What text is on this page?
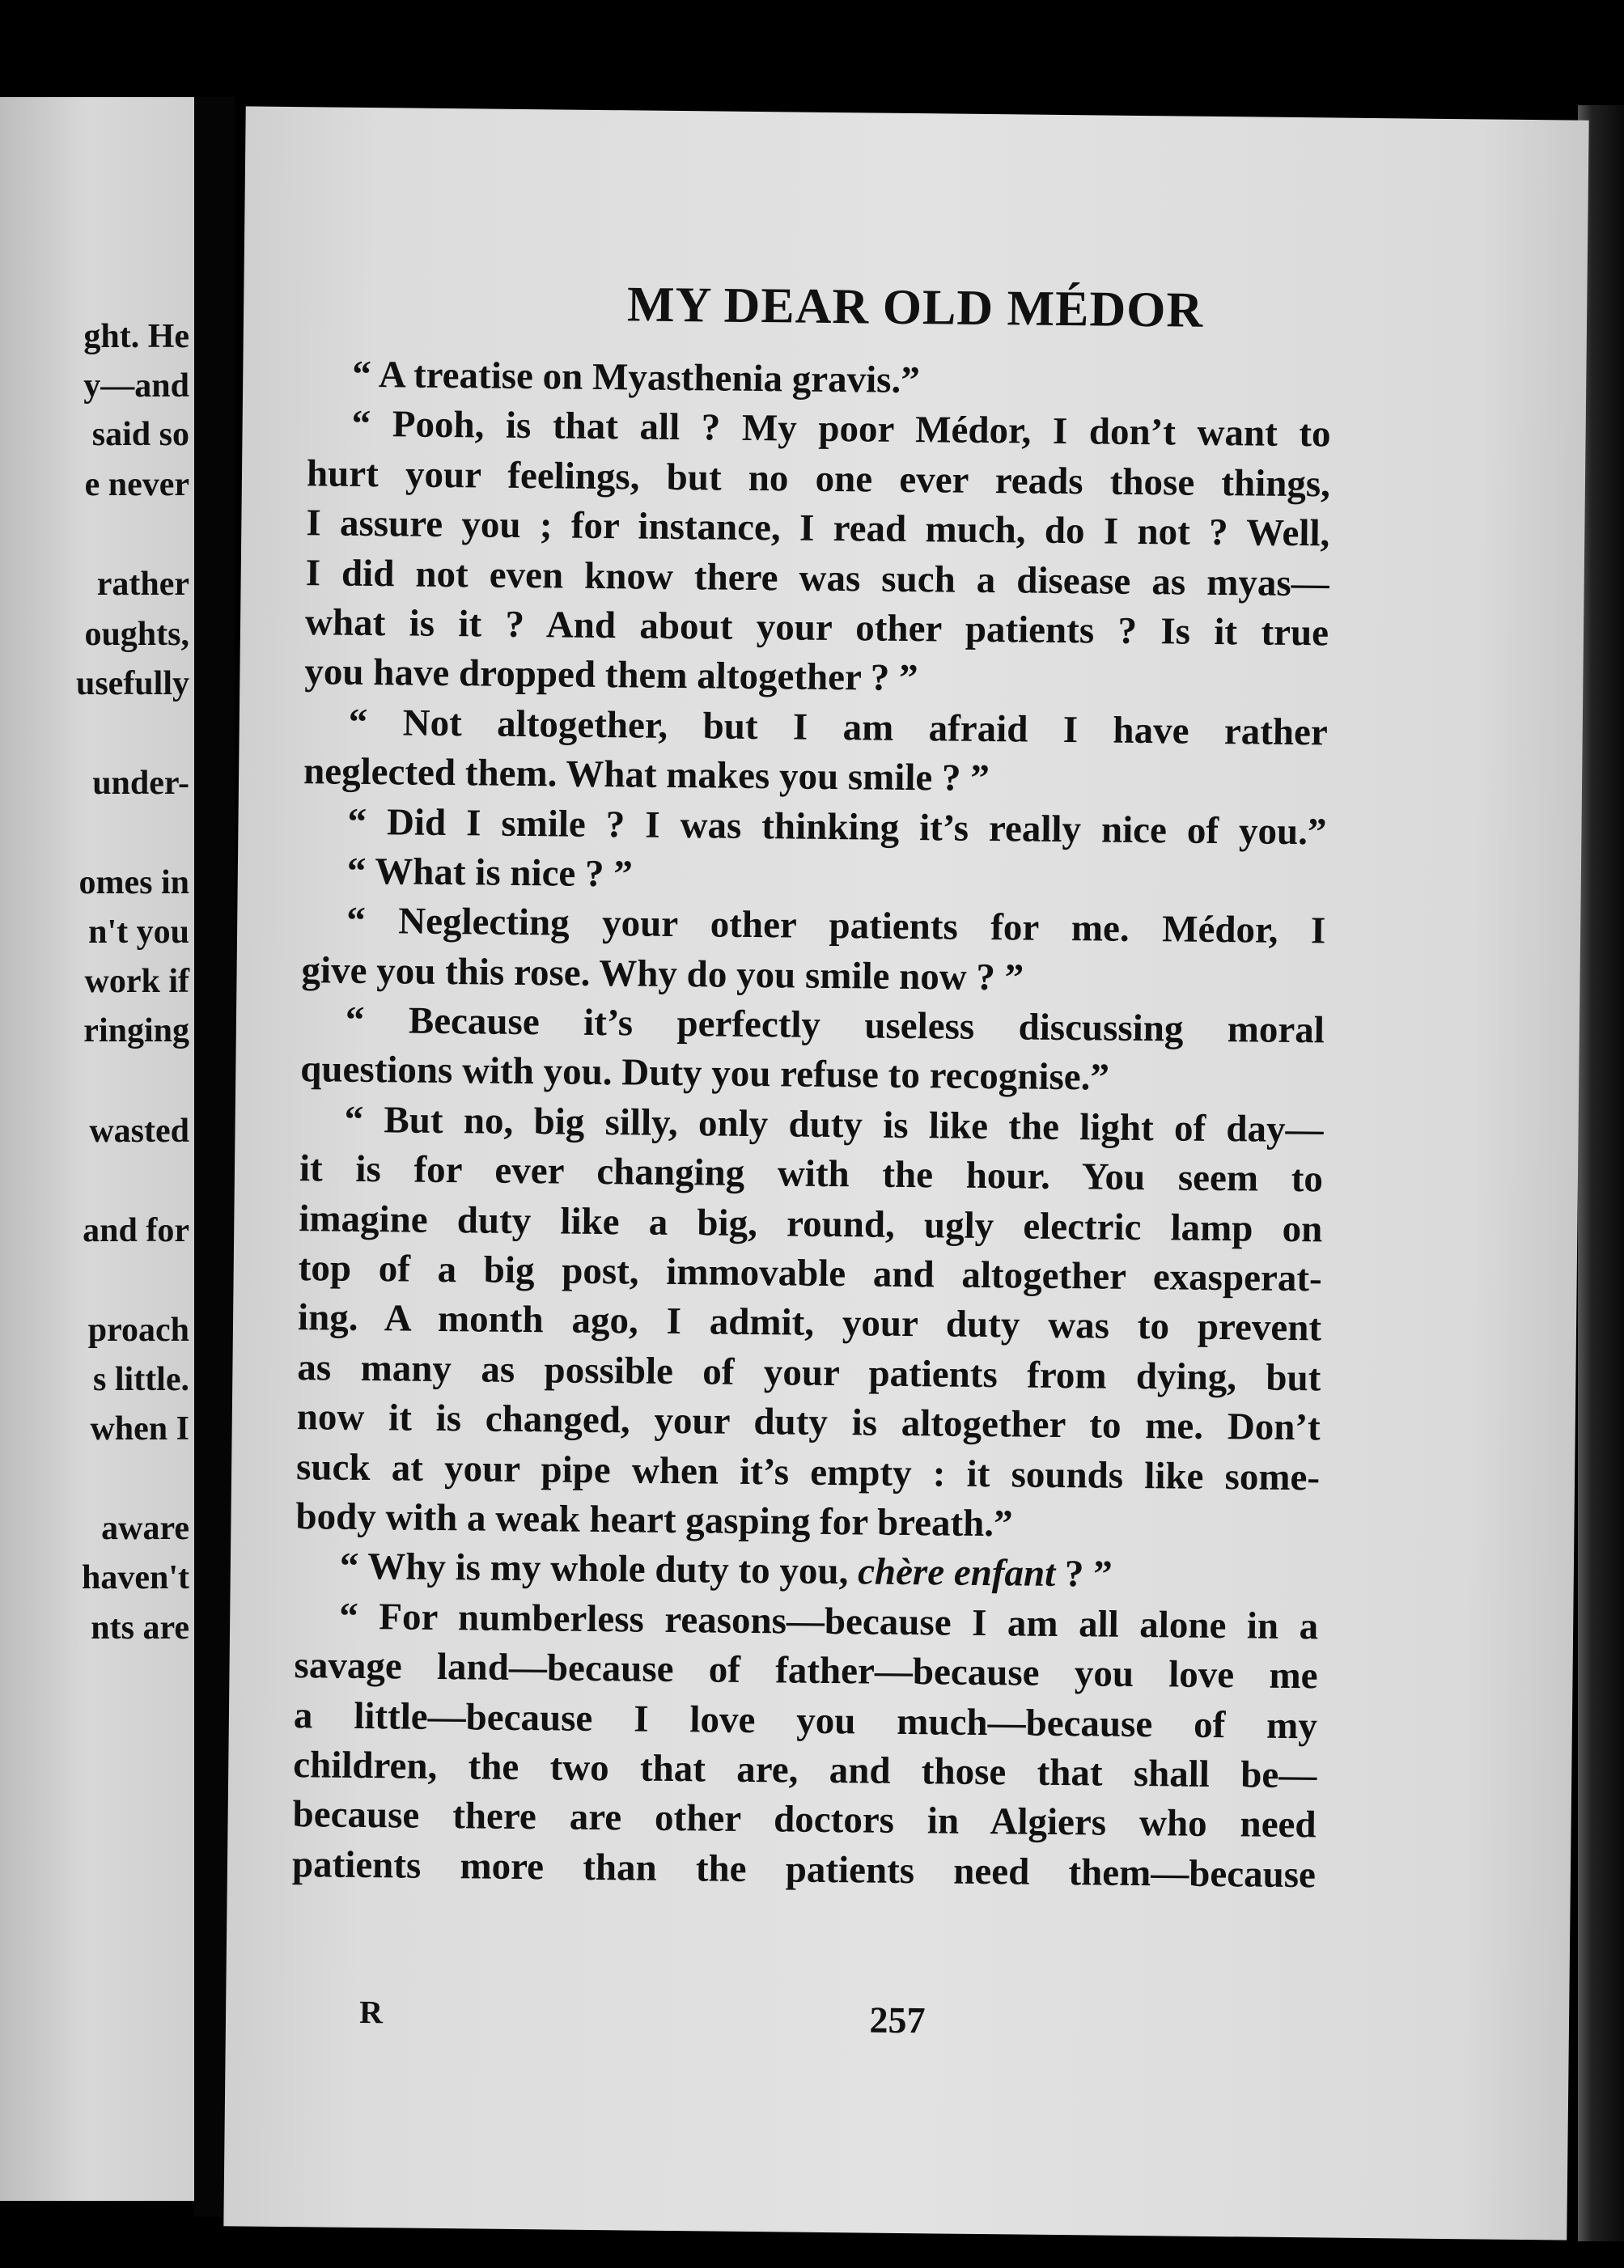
ght. He

y—and

said so

e never

rather

oughts,

usefully

under-

omes in

n't you

work if

ringing

wasted

and for

proach

s little.

when I

aware

haven't

nts are

MY DEAR OLD MÉDOR

“ A treatise on Myasthenia gravis.”

“ Pooh, is that all ? My poor Médor, I don’t want to

hurt your feelings, but no one ever reads those things,

I assure you ; for instance, I read much, do I not ? Well,

I did not even know there was such a disease as myas—

what is it ? And about your other patients ? Is it true

you have dropped them altogether ? ”

“ Not altogether, but I am afraid I have rather

neglected them. What makes you smile ? ”

“ Did I smile ? I was thinking it’s really nice of you.”

“ What is nice ? ”

“ Neglecting your other patients for me. Médor, I

give you this rose. Why do you smile now ? ”

“ Because it’s perfectly useless discussing moral

questions with you. Duty you refuse to recognise.”

“ But no, big silly, only duty is like the light of day—

it is for ever changing with the hour. You seem to

imagine duty like a big, round, ugly electric lamp on

top of a big post, immovable and altogether exasperat-

ing. A month ago, I admit, your duty was to prevent

as many as possible of your patients from dying, but

now it is changed, your duty is altogether to me. Don’t

suck at your pipe when it’s empty : it sounds like some-

body with a weak heart gasping for breath.”

“ Why is my whole duty to you, chère enfant ? ”

“ For numberless reasons—because I am all alone in a

savage land—because of father—because you love me

a little—because I love you much—because of my

children, the two that are, and those that shall be—

because there are other doctors in Algiers who need

patients more than the patients need them—because

R	257
